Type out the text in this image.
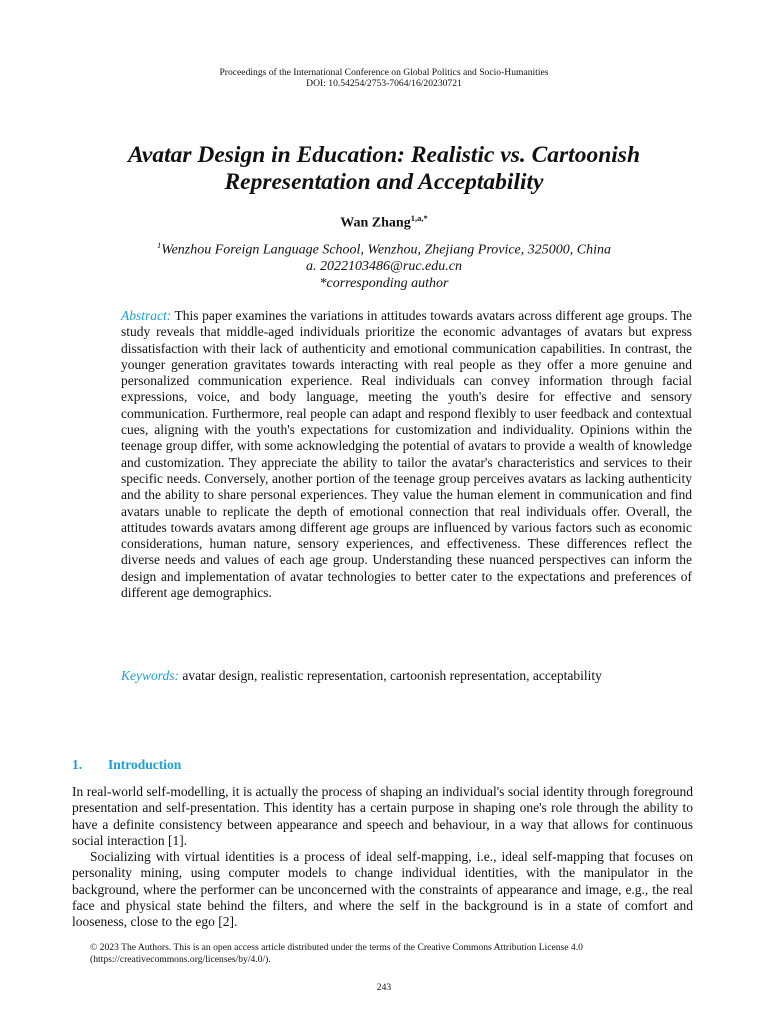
Proceedings of the International Conference on Global Politics and Socio-Humanities
DOI: 10.54254/2753-7064/16/20230721
Avatar Design in Education: Realistic vs. Cartoonish
Representation and Acceptability
Wan Zhang$^{1,a,*}$
$^1$Wenzhou Foreign Language School, Wenzhou, Zhejiang Provice, 325000, China
a. 2022103486@ruc.edu.cn
*corresponding author
Abstract: This paper examines the variations in attitudes towards avatars across different age groups. The study reveals that middle-aged individuals prioritize the economic advantages of avatars but express dissatisfaction with their lack of authenticity and emotional communication capabilities. In contrast, the younger generation gravitates towards interacting with real people as they offer a more genuine and personalized communication experience. Real individuals can convey information through facial expressions, voice, and body language, meeting the youth's desire for effective and sensory communication. Furthermore, real people can adapt and respond flexibly to user feedback and contextual cues, aligning with the youth's expectations for customization and individuality. Opinions within the teenage group differ, with some acknowledging the potential of avatars to provide a wealth of knowledge and customization. They appreciate the ability to tailor the avatar's characteristics and services to their specific needs. Conversely, another portion of the teenage group perceives avatars as lacking authenticity and the ability to share personal experiences. They value the human element in communication and find avatars unable to replicate the depth of emotional connection that real individuals offer. Overall, the attitudes towards avatars among different age groups are influenced by various factors such as economic considerations, human nature, sensory experiences, and effectiveness. These differences reflect the diverse needs and values of each age group. Understanding these nuanced perspectives can inform the design and implementation of avatar technologies to better cater to the expectations and preferences of different age demographics.
Keywords: avatar design, realistic representation, cartoonish representation, acceptability
1. Introduction

In real-world self-modelling, it is actually the process of shaping an individual's social identity through foreground presentation and self-presentation. This identity has a certain purpose in shaping one's role through the ability to have a definite consistency between appearance and speech and behaviour, in a way that allows for continuous social interaction [1].

Socializing with virtual identities is a process of ideal self-mapping, i.e., ideal self-mapping that focuses on personality mining, using computer models to change individual identities, with the manipulator in the background, where the performer can be unconcerned with the constraints of appearance and image, e.g., the real face and physical state behind the filters, and where the self in the background is in a state of comfort and looseness, close to the ego [2].

© 2023 The Authors. This is an open access article distributed under the terms of the Creative Commons Attribution License 4.0
(https://creativecommons.org/licenses/by/4.0/).
243
